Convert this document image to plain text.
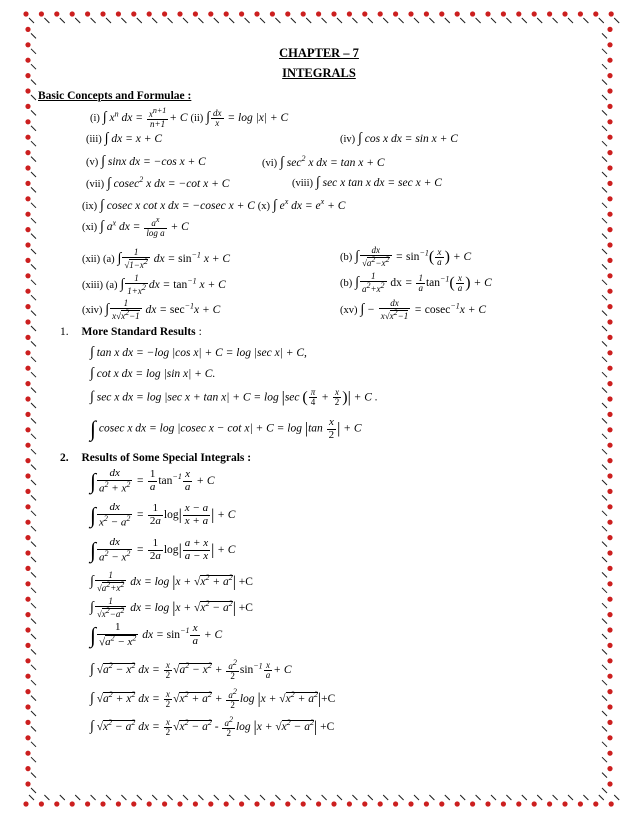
CHAPTER – 7
INTEGRALS
Basic Concepts and Formulae :
(i) ∫ $x^n$ dx = $\frac{x^{n+1}}{n+1} + C$ (ii) ∫ $\frac{dx}{x} = \log |x| + C$
(iii) ∫ dx = x + C	(iv) ∫ cos x dx = sin x + C
(v) ∫ sinx dx = −cos x + C	(vi) ∫ $\sec^2 x$ dx = tan x + C
(vii) ∫ cosec$^2$ x dx = −cot x + C	(viii) ∫ sec x tan x dx = sec x + C
(ix) ∫ cosec x cot x dx = −cosec x + C (x) ∫ $e^x$ dx = $e^x + C$
(xi) ∫ $a^x$ dx = $\frac{a^x}{\text{log a}} + C$
(xii) (a) ∫ $\frac{1}{√1-x^2}$ dx = $\sin^{-1} x + C$	(b) ∫ $\frac{dx}{√a^2-x^2} = \sin^{-1}( \frac{x}{a}$ ) + C
(xiii) (a) ∫ $\frac{1}{1+x^2}$ dx = $\tan^{-1} x + C$	(b) ∫ $\frac{1}{a^2+x^2}$ dx = $\frac{1}{a} \tan^{-1}( \frac{x}{a}$ ) + C
(xiv) ∫ $\frac{1}{x√x^2-1}$ dx = $\sec^{-1}x + C$	(xv) ∫ − $\frac{dx}{x√x^2-1} = cosec^{-1}x + C$
1. More Standard Results :
∫ tan x dx = −log |cos x| + C = log |sec x| + C,
∫ cot x dx = log |sin x| + C.
∫ sec x dx = log |sec x + tan x| + C = log |sec ( $\frac{\pi}{4} + \frac{x}{2}$ )| + C .
∫ cosec x dx = log |cosec $x - \cot x| + C = \log |\tan \frac{x}{2}$ | + C
2. Results of Some Special Integrals :
∫ $\frac{dx}{a^2 + x^2} = \frac{1}{a} \tan^{-1} \frac{x}{a} + C$
∫ $\frac{dx}{x^2 - a^2} = \frac{1}{2a} \log| \frac{x - a}{x + a}$ | + C
∫ $\frac{dx}{a^2 - x^2} = \frac{1}{2a} \log| \frac{a + x}{a - x}$ | + C
∫ $\frac{1}{√a^2+x^2}$ dx = $\log |x + √x^2 + a^2| +C$
∫ $\frac{1}{√x^2-a^2}$ dx = $\log |x + √x^2 - a^2| +C$
∫ $\frac{1}{√a^2 - x^2}$ dx = $\sin^{-1} \frac{x}{a} + C$
∫ $√a^2 - x^2$ dx = $\frac{x}{2} √a^2 - x^2 + \frac{a^2}{2} \sin^{-1} \frac{x}{a} + C$
∫ $√a^2 + x^2$ dx = $\frac{x}{2} √x^2 + a^2 + \frac{a^2}{2}$ $\log |x + √x^2 + a^2|+C$
∫ $√x^2 - a^2$ dx = $\frac{x}{2} √x^2 - a^2 - \frac{a^2}{2}$ $\log |x + √x^2 - a^2| +C$
